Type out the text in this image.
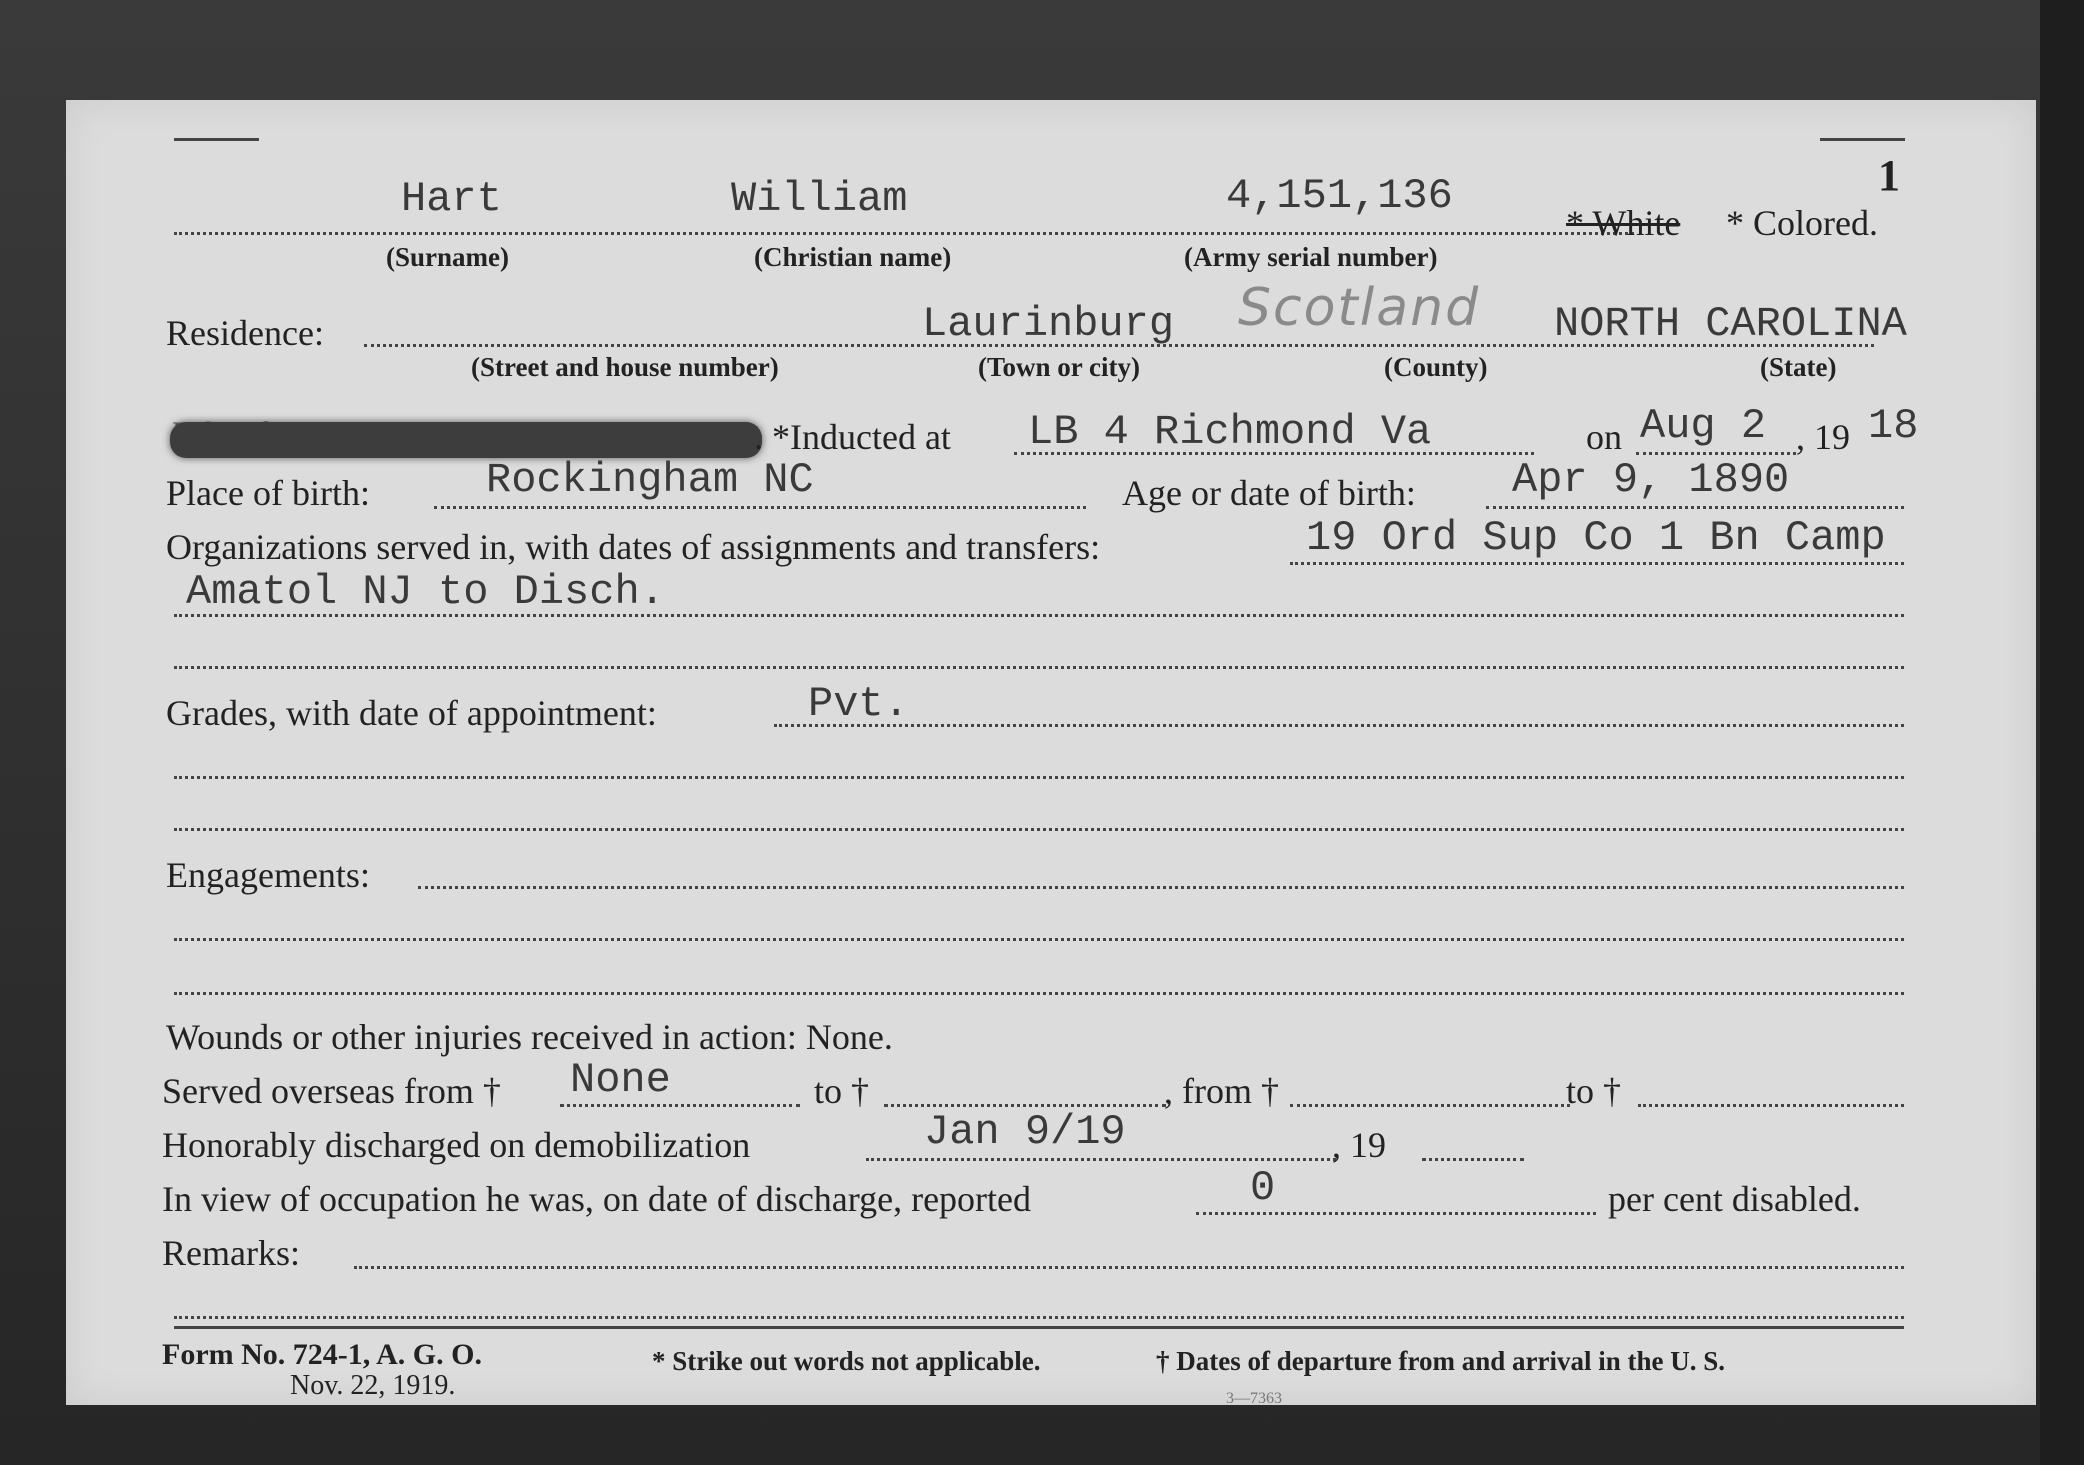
1
Hart	William	4,151,136
* White * Colored.
(Surname)	(Christian name)	(Army serial number)
Residence:	Laurinburg Scotland NORTH CAROLINA
(Street and house number)	(Town or city)	(County)	(State)
. *Inducted at LB 4 Richmond Va	on Aug 2 , 19 18
Place of birth:	Rockingham NC	Age or date of birth: Apr 9, 1890
Organizations served in, with dates of assignments and transfers:	19 Ord Sup Co 1 Bn Camp
Amatol NJ to Disch.
Grades, with date of appointment:	Pvt.
Engagements:
Wounds or other injuries received in action: None.
Served overseas from † None	to †	, from †	to †
Honorably discharged on demobilization	Jan 9/19	, 19
In view of occupation he was, on date of discharge, reported	0	per cent disabled.
Remarks:
Form No. 724-1, A. G. O.
Nov. 22, 1919.
* Strike out words not applicable.	† Dates of departure from and arrival in the U. S.
3—7363
